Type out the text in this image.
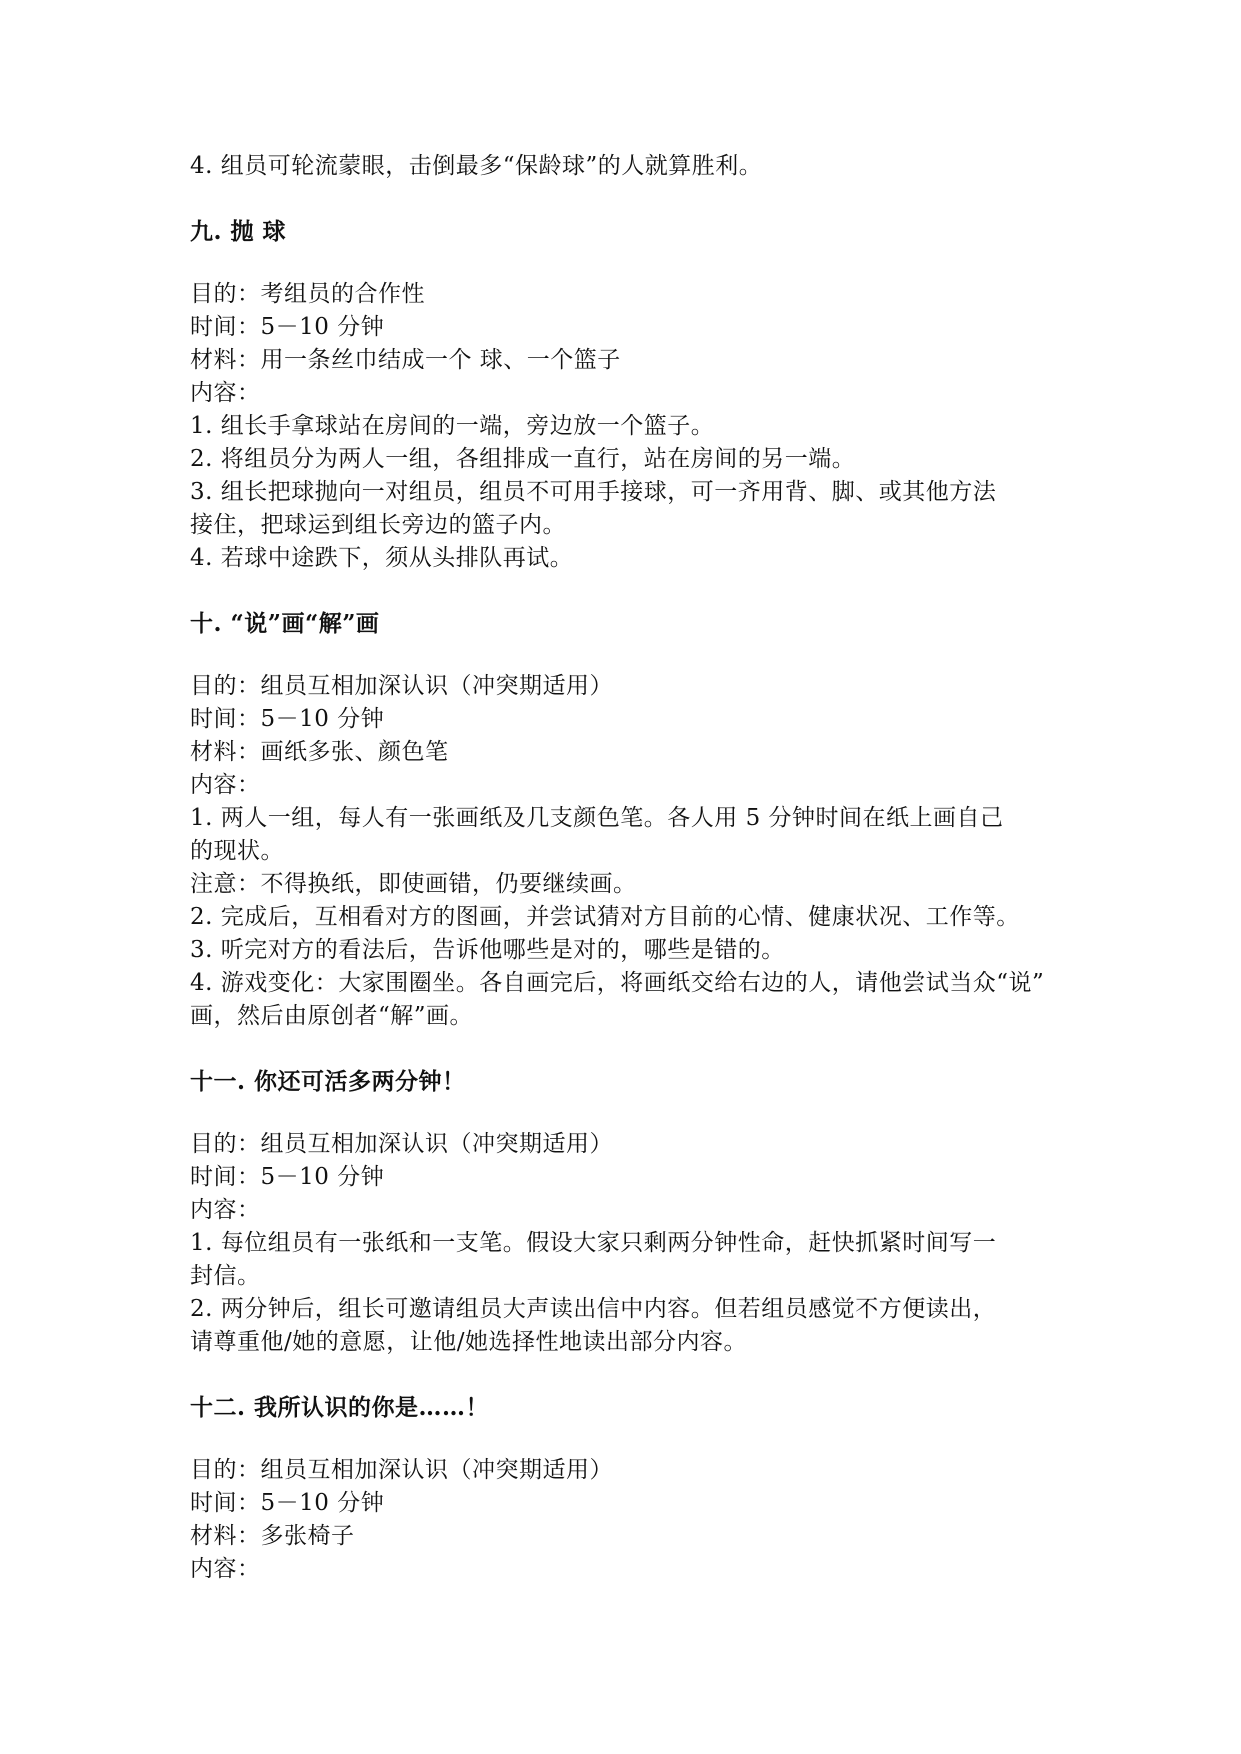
4. 组员可轮流蒙眼，击倒最多“保龄球”的人就算胜利。

九. 抛 球

目的：考组员的合作性

时间：5－10 分钟

材料：用一条丝巾结成一个 球、一个篮子

内容：

1. 组长手拿球站在房间的一端，旁边放一个篮子。

2. 将组员分为两人一组，各组排成一直行，站在房间的另一端。

3. 组长把球抛向一对组员，组员不可用手接球，可一齐用背、脚、或其他方法

接住，把球运到组长旁边的篮子内。

4. 若球中途跌下，须从头排队再试。

十. “说”画“解”画

目的：组员互相加深认识（冲突期适用）

时间：5－10 分钟

材料：画纸多张、颜色笔

内容：

1. 两人一组，每人有一张画纸及几支颜色笔。各人用 5 分钟时间在纸上画自己

的现状。

注意：不得换纸，即使画错，仍要继续画。

2. 完成后，互相看对方的图画，并尝试猜对方目前的心情、健康状况、工作等。

3. 听完对方的看法后，告诉他哪些是对的，哪些是错的。

4. 游戏变化：大家围圈坐。各自画完后，将画纸交给右边的人，请他尝试当众“说”

画，然后由原创者“解”画。

十一. 你还可活多两分钟！

目的：组员互相加深认识（冲突期适用）

时间：5－10 分钟

内容：

1. 每位组员有一张纸和一支笔。假设大家只剩两分钟性命，赶快抓紧时间写一

封信。

2. 两分钟后，组长可邀请组员大声读出信中内容。但若组员感觉不方便读出，

请尊重他/她的意愿，让他/她选择性地读出部分内容。

十二. 我所认识的你是……！

目的：组员互相加深认识（冲突期适用）

时间：5－10 分钟

材料：多张椅子

内容：
